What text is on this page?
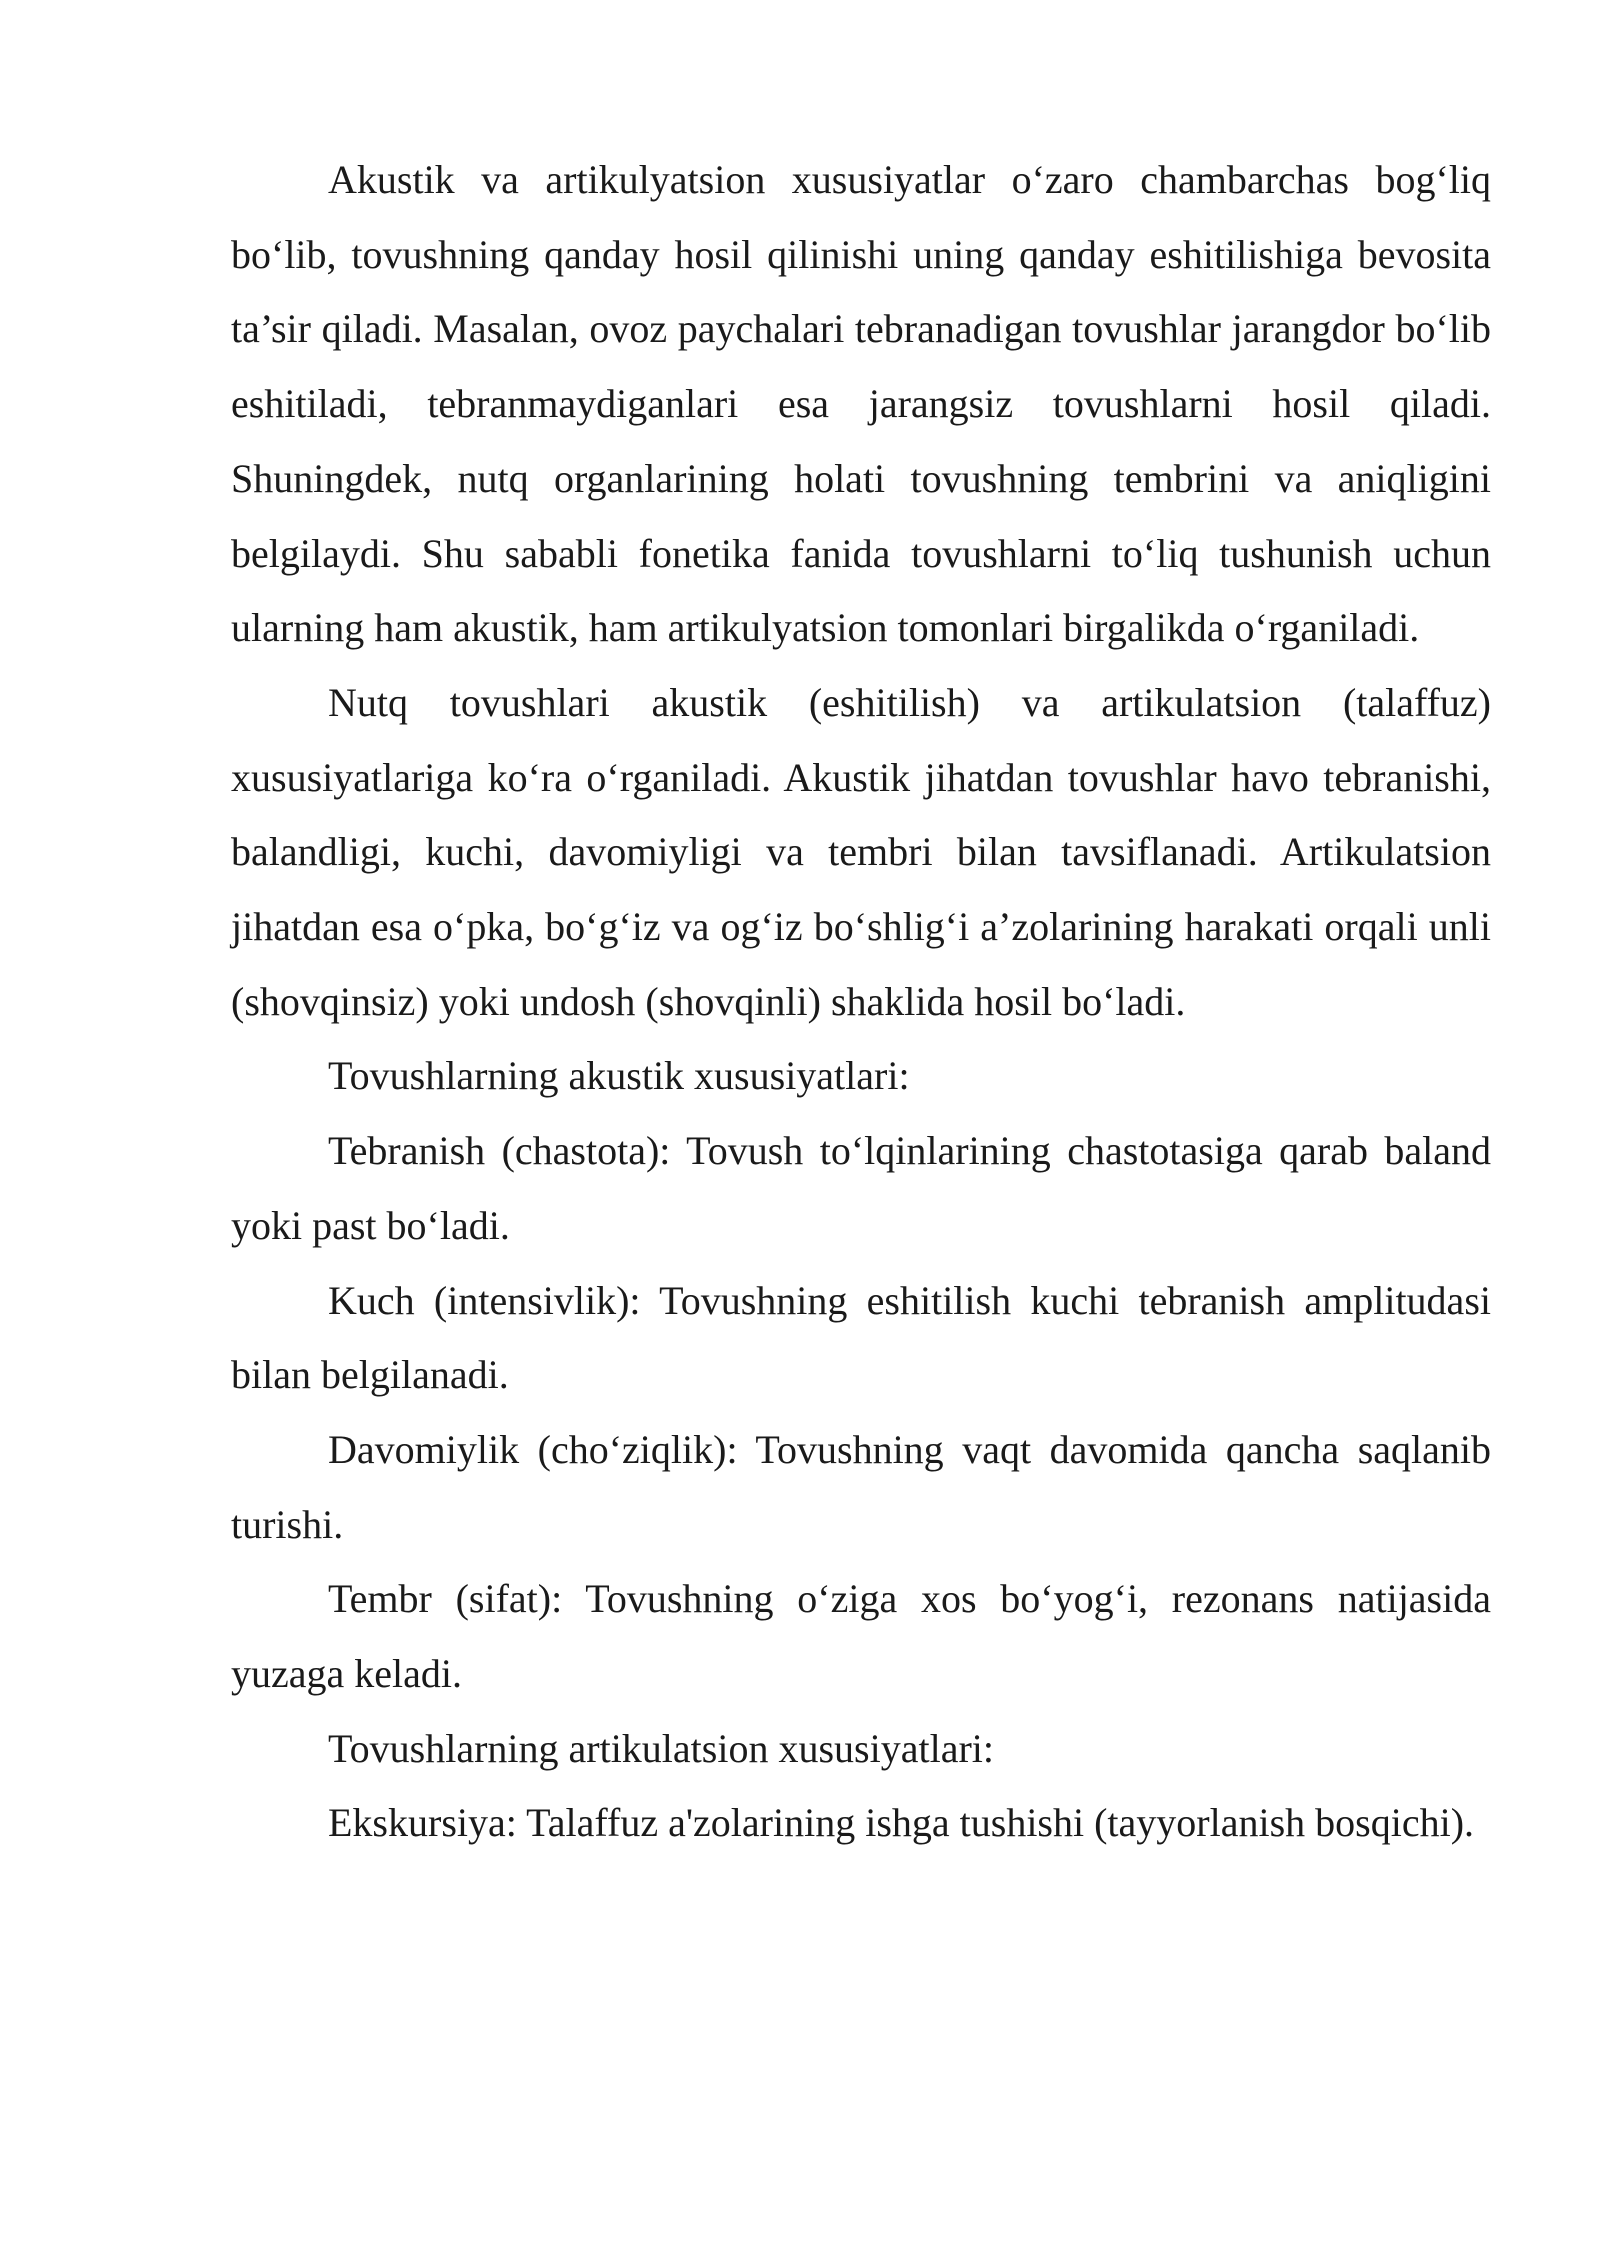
Akustik va artikulyatsion xususiyatlar o‘zaro chambarchas bog‘liq bo‘lib, tovushning qanday hosil qilinishi uning qanday eshitilishiga bevosita ta’sir qiladi. Masalan, ovoz paychalari tebranadigan tovushlar jarangdor bo‘lib eshitiladi, tebranmaydiganlari esa jarangsiz tovushlarni hosil qiladi. Shuningdek, nutq organlarining holati tovushning tembrini va aniqligini belgilaydi. Shu sababli fonetika fanida tovushlarni to‘liq tushunish uchun ularning ham akustik, ham artikulyatsion tomonlari birgalikda o‘rganiladi.

Nutq tovushlari akustik (eshitilish) va artikulatsion (talaffuz) xususiyatlariga ko‘ra o‘rganiladi. Akustik jihatdan tovushlar havo tebranishi, balandligi, kuchi, davomiyligi va tembri bilan tavsiflanadi. Artikulatsion jihatdan esa o‘pka, bo‘g‘iz va og‘iz bo‘shlig‘i a’zolarining harakati orqali unli (shovqinsiz) yoki undosh (shovqinli) shaklida hosil bo‘ladi.

Tovushlarning akustik xususiyatlari:

Tebranish (chastota): Tovush to‘lqinlarining chastotasiga qarab baland yoki past bo‘ladi.

Kuch (intensivlik): Tovushning eshitilish kuchi tebranish amplitudasi bilan belgilanadi.

Davomiylik (cho‘ziqlik): Tovushning vaqt davomida qancha saqlanib turishi.

Tembr (sifat): Tovushning o‘ziga xos bo‘yog‘i, rezonans natijasida yuzaga keladi.

Tovushlarning artikulatsion xususiyatlari:

Ekskursiya: Talaffuz a'zolarining ishga tushishi (tayyorlanish bosqichi).
